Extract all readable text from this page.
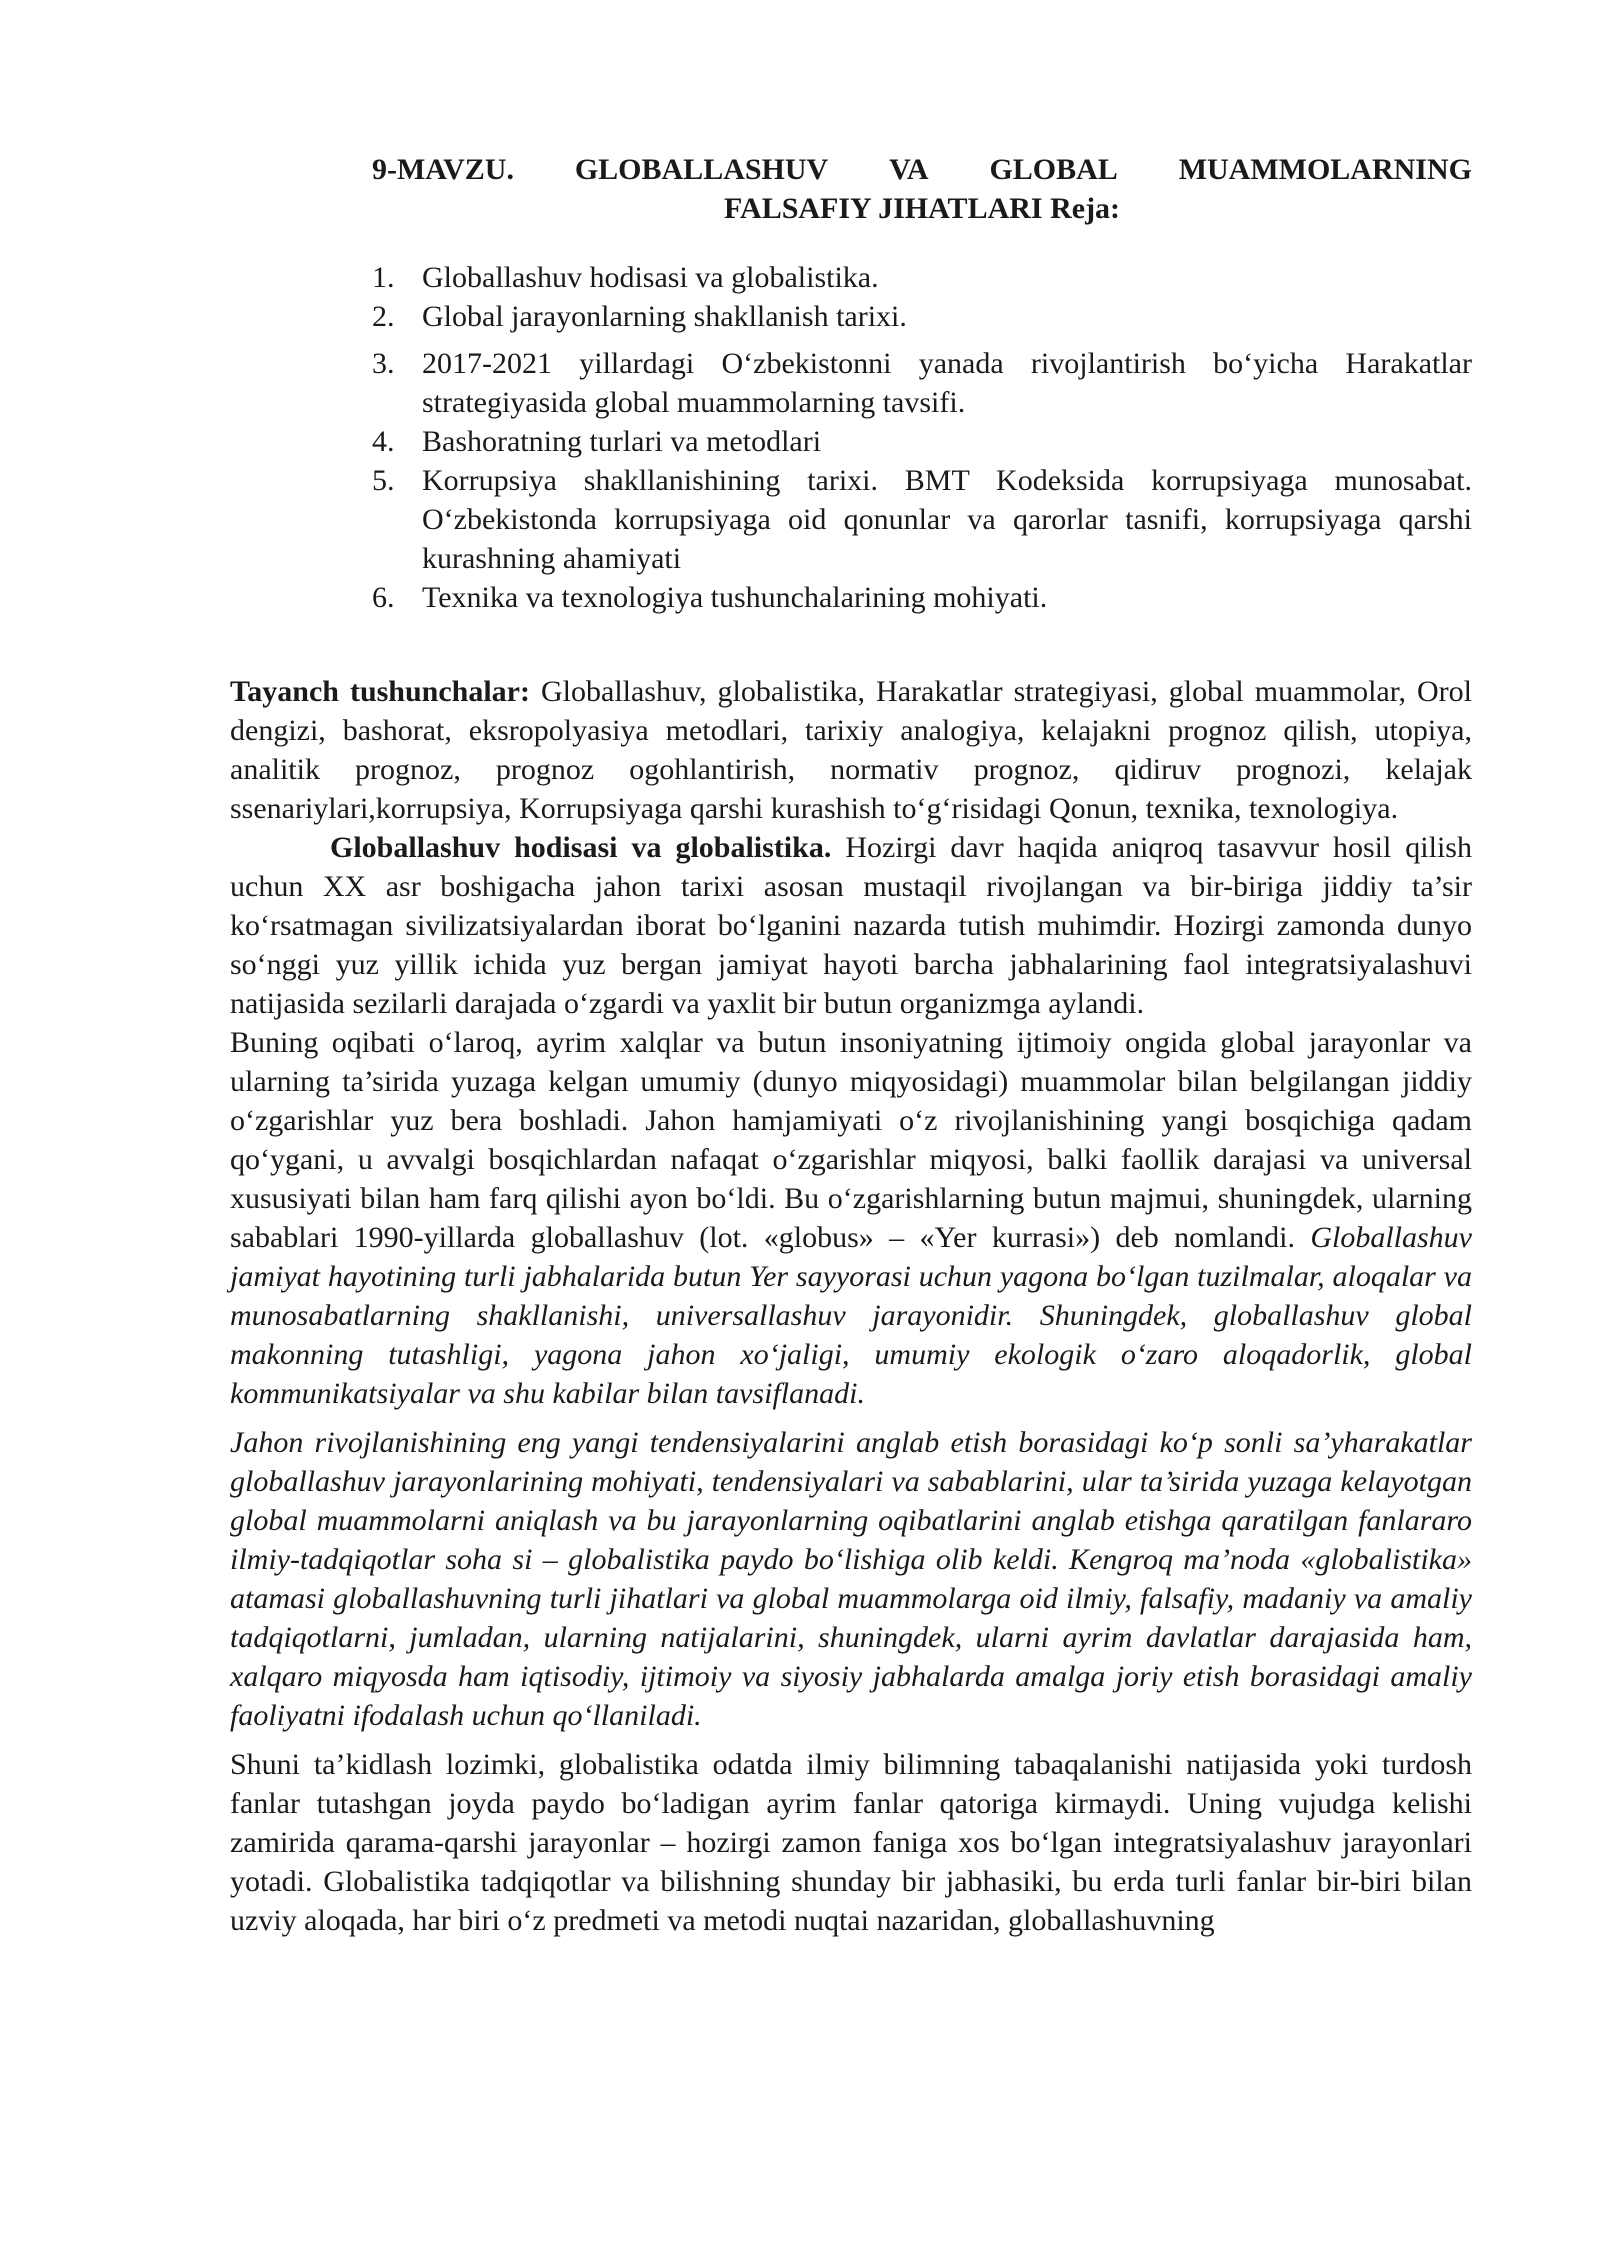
9-MAVZU. GLOBALLASHUV VA GLOBAL MUAMMOLARNING
FALSAFIY JIHATLARI Reja:
1. Globallashuv hodisasi va globalistika.
2. Global jarayonlarning shakllanish tarixi.
3. 2017-2021 yillardagi O‘zbekistonni yanada rivojlantirish bo‘yicha Harakatlar strategiyasida global muammolarning tavsifi.
4. Bashoratning turlari va metodlari
5. Korrupsiya shakllanishining tarixi. BMT Kodeksida korrupsiyaga munosabat. O‘zbekistonda korrupsiyaga oid qonunlar va qarorlar tasnifi, korrupsiyaga qarshi kurashning ahamiyati
6. Texnika va texnologiya tushunchalarining mohiyati.

Tayanch tushunchalar: Globallashuv, globalistika, Harakatlar strategiyasi, global muammolar, Orol dengizi, bashorat, eksropolyasiya metodlari, tarixiy analogiya, kelajakni prognoz qilish, utopiya, analitik prognoz, prognoz ogohlantirish, normativ prognoz, qidiruv prognozi, kelajak ssenariylari,korrupsiya, Korrupsiyaga qarshi kurashish to‘g‘risidagi Qonun, texnika, texnologiya.

Globallashuv hodisasi va globalistika. Hozirgi davr haqida aniqroq tasavvur hosil qilish uchun XX asr boshigacha jahon tarixi asosan mustaqil rivojlangan va bir-biriga jiddiy ta’sir ko‘rsatmagan sivilizatsiyalardan iborat bo‘lganini nazarda tutish muhimdir. Hozirgi zamonda dunyo so‘nggi yuz yillik ichida yuz bergan jamiyat hayoti barcha jabhalarining faol integratsiyalashuvi natijasida sezilarli darajada o‘zgardi va yaxlit bir butun organizmga aylandi.

Buning oqibati o‘laroq, ayrim xalqlar va butun insoniyatning ijtimoiy ongida global jarayonlar va ularning ta’sirida yuzaga kelgan umumiy (dunyo miqyosidagi) muammolar bilan belgilangan jiddiy o‘zgarishlar yuz bera boshladi. Jahon hamjamiyati o‘z rivojlanishining yangi bosqichiga qadam qo‘ygani, u avvalgi bosqichlardan nafaqat o‘zgarishlar miqyosi, balki faollik darajasi va universal xususiyati bilan ham farq qilishi ayon bo‘ldi. Bu o‘zgarishlarning butun majmui, shuningdek, ularning sabablari 1990-yillarda globallashuv (lot. «globus» – «Yer kurrasi») deb nomlandi. Globallashuv jamiyat hayotining turli jabhalarida butun Yer sayyorasi uchun yagona bo‘lgan tuzilmalar, aloqalar va munosabatlarning shakllanishi, universallashuv jarayonidir. Shuningdek, globallashuv global makonning tutashligi, yagona jahon xo‘jaligi, umumiy ekologik o‘zaro aloqadorlik, global kommunikatsiyalar va shu kabilar bilan tavsiflanadi.

Jahon rivojlanishining eng yangi tendensiyalarini anglab etish borasidagi ko‘p sonli sa’yharakatlar globallashuv jarayonlarining mohiyati, tendensiyalari va sabablarini, ular ta’sirida yuzaga kelayotgan global muammolarni aniqlash va bu jarayonlarning oqibatlarini anglab etishga qaratilgan fanlararo ilmiy-tadqiqotlar soha si – globalistika paydo bo‘lishiga olib keldi. Kengroq ma’noda «globalistika» atamasi globallashuvning turli jihatlari va global muammolarga oid ilmiy, falsafiy, madaniy va amaliy tadqiqotlarni, jumladan, ularning natijalarini, shuningdek, ularni ayrim davlatlar darajasida ham, xalqaro miqyosda ham iqtisodiy, ijtimoiy va siyosiy jabhalarda amalga joriy etish borasidagi amaliy faoliyatni ifodalash uchun qo‘llaniladi.

Shuni ta’kidlash lozimki, globalistika odatda ilmiy bilimning tabaqalanishi natijasida yoki turdosh fanlar tutashgan joyda paydo bo‘ladigan ayrim fanlar qatoriga kirmaydi. Uning vujudga kelishi zamirida qarama-qarshi jarayonlar – hozirgi zamon faniga xos bo‘lgan integratsiyalashuv jarayonlari yotadi. Globalistika tadqiqotlar va bilishning shunday bir jabhasiki, bu erda turli fanlar bir-biri bilan uzviy aloqada, har biri o‘z predmeti va metodi nuqtai nazaridan, globallashuvning
